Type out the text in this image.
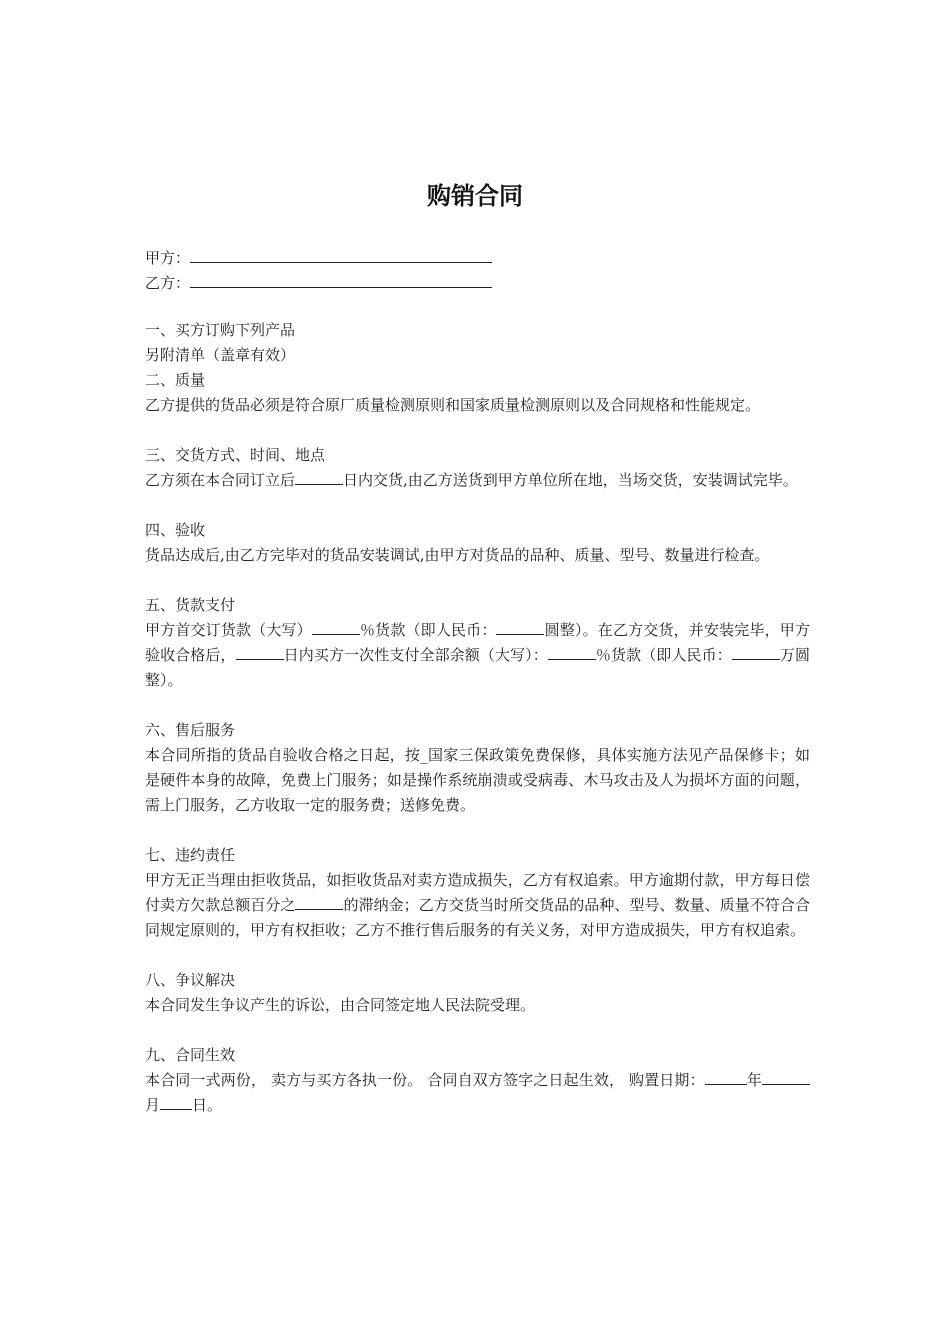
购销合同
甲方：
乙方：

一、买方订购下列产品

另附清单（盖章有效）

二、质量

乙方提供的货品必须是符合原厂质量检测原则和国家质量检测原则以及合同规格和性能规定。

三、交货方式、时间、地点

乙方须在本合同订立后	日内交货,由乙方送货到甲方单位所在地，当场交货，安装调试完毕。

四、验收

货品达成后,由乙方完毕对的货品安装调试,由甲方对货品的品种、质量、型号、数量进行检查。

五、货款支付

甲方首交订货款（大写）	％货款（即人民币：	圆整）。在乙方交货，并安装完毕，甲方验收合格后，	日内买方一次性支付全部余额（大写）：	％货款（即人民币：	万圆整）。

六、售后服务

本合同所指的货品自验收合格之日起，按_国家三保政策免费保修，具体实施方法见产品保修卡；如是硬件本身的故障，免费上门服务；如是操作系统崩溃或受病毒、木马攻击及人为损坏方面的问题，需上门服务，乙方收取一定的服务费；送修免费。

七、违约责任

甲方无正当理由拒收货品，如拒收货品对卖方造成损失，乙方有权追索。甲方逾期付款，甲方每日偿付卖方欠款总额百分之	的滞纳金；乙方交货当时所交货品的品种、型号、数量、质量不符合合同规定原则的，甲方有权拒收；乙方不推行售后服务的有关义务，对甲方造成损失，甲方有权追索。

八、争议解决

本合同发生争议产生的诉讼，由合同签定地人民法院受理。

九、合同生效

本合同一式两份， 卖方与买方各执一份。 合同自双方签字之日起生效， 购置日期：	年月 日。
